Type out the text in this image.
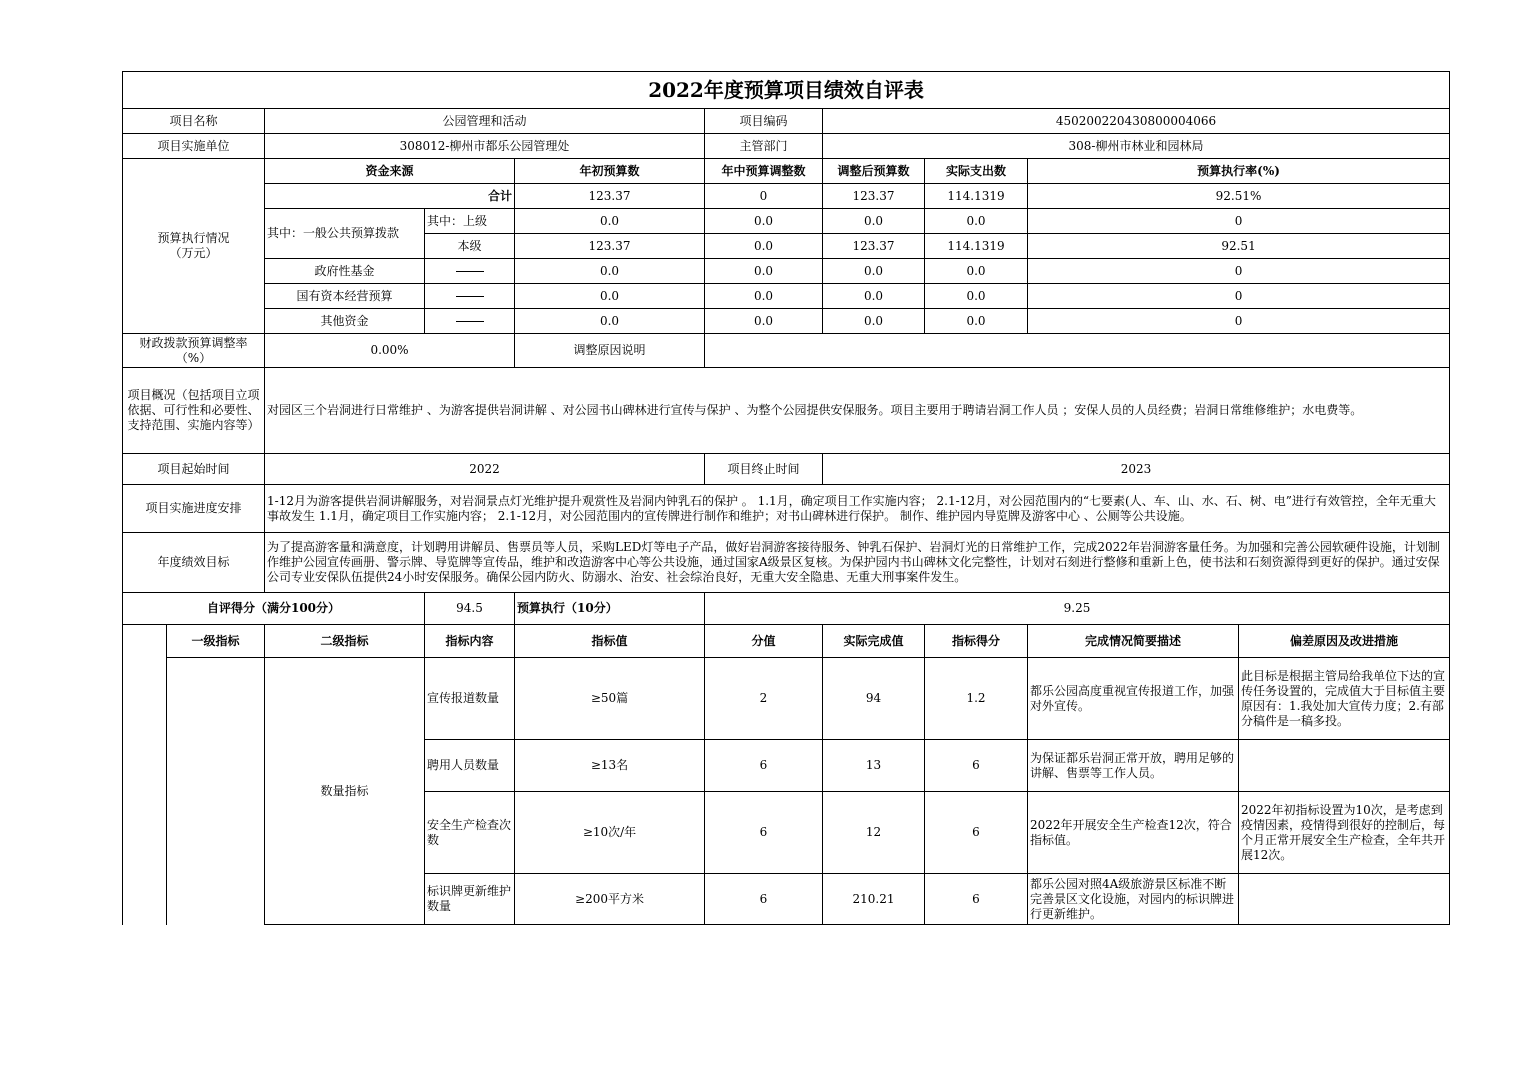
2022年度预算项目绩效自评表									
项目名称		公园管理和活动			项目编码	450200220430800004066			
项目实施单位		308012-柳州市都乐公园管理处			主管部门	308-柳州市林业和园林局			
预算执行情况
（万元）		资金来源		年初预算数	年中预算调整数	调整后预算数	实际支出数	预算执行率(%)	
		合计		123.37	0	123.37	114.1319	92.51%	
		其中：一般公共预算拨款	其中：上级	0.0	0.0	0.0	0.0	0	
			本级	123.37	0.0	123.37	114.1319	92.51	
		政府性基金		0.0	0.0	0.0	0.0	0	
		国有资本经营预算		0.0	0.0	0.0	0.0	0	
		其他资金		0.0	0.0	0.0	0.0	0	
财政拨款预算调整率（%）		0.00%		调整原因说明					
项目概况（包括项目立项依据、可行性和必要性、支持范围、实施内容等）		对园区三个岩洞进行日常维护 、为游客提供岩洞讲解 、对公园书山碑林进行宣传与保护 、为整个公园提供安保服务。项目主要用于聘请岩洞工作人员 ；安保人员的人员经费；岩洞日常维修维护；水电费等。							
项目起始时间		2022			项目终止时间	2023			
项目实施进度安排		1-12月为游客提供岩洞讲解服务，对岩洞景点灯光维护提升观赏性及岩洞内钟乳石的保护 。 1.1月，确定项目工作实施内容； 2.1-12月，对公园范围内的“七要素(人、车、山、水、石、树、电”进行有效管控，全年无重大事故发生 1.1月，确定项目工作实施内容； 2.1-12月，对公园范围内的宣传牌进行制作和维护；对书山碑林进行保护。 制作、维护园内导览牌及游客中心 、公厕等公共设施。							
年度绩效目标		为了提高游客量和满意度，计划聘用讲解员、售票员等人员，采购LED灯等电子产品，做好岩洞游客接待服务、钟乳石保护、岩洞灯光的日常维护工作，完成2022年岩洞游客量任务。为加强和完善公园软硬件设施，计划制作维护公园宣传画册、警示牌、导览牌等宣传品，维护和改造游客中心等公共设施，通过国家A级景区复核。为保护园内书山碑林文化完整性，计划对石刻进行整修和重新上色，使书法和石刻资源得到更好的保护。通过安保公司专业安保队伍提供24小时安保服务。确保公园内防火、防溺水、治安、社会综治良好，无重大安全隐患、无重大刑事案件发生。							
自评得分（满分100分）			94.5	预算执行（10分）	9.25				
	一级指标	二级指标	指标内容	指标值	分值	实际完成值	指标得分	完成情况简要描述	偏差原因及改进措施
		数量指标	宣传报道数量	≥50篇	2	94	1.2	都乐公园高度重视宣传报道工作，加强对外宣传。	此目标是根据主管局给我单位下达的宣传任务设置的，完成值大于目标值主要原因有：1.我处加大宣传力度；2.有部分稿件是一稿多投。
			聘用人员数量	≥13名	6	13	6	为保证都乐岩洞正常开放，聘用足够的讲解、售票等工作人员。	
			安全生产检查次数	≥10次/年	6	12	6	2022年开展安全生产检查12次，符合指标值。	2022年初指标设置为10次，是考虑到疫情因素，疫情得到很好的控制后，每个月正常开展安全生产检查，全年共开展12次。
			标识牌更新维护数量	≥200平方米	6	210.21	6	都乐公园对照4A级旅游景区标准不断完善景区文化设施，对园内的标识牌进行更新维护。	
